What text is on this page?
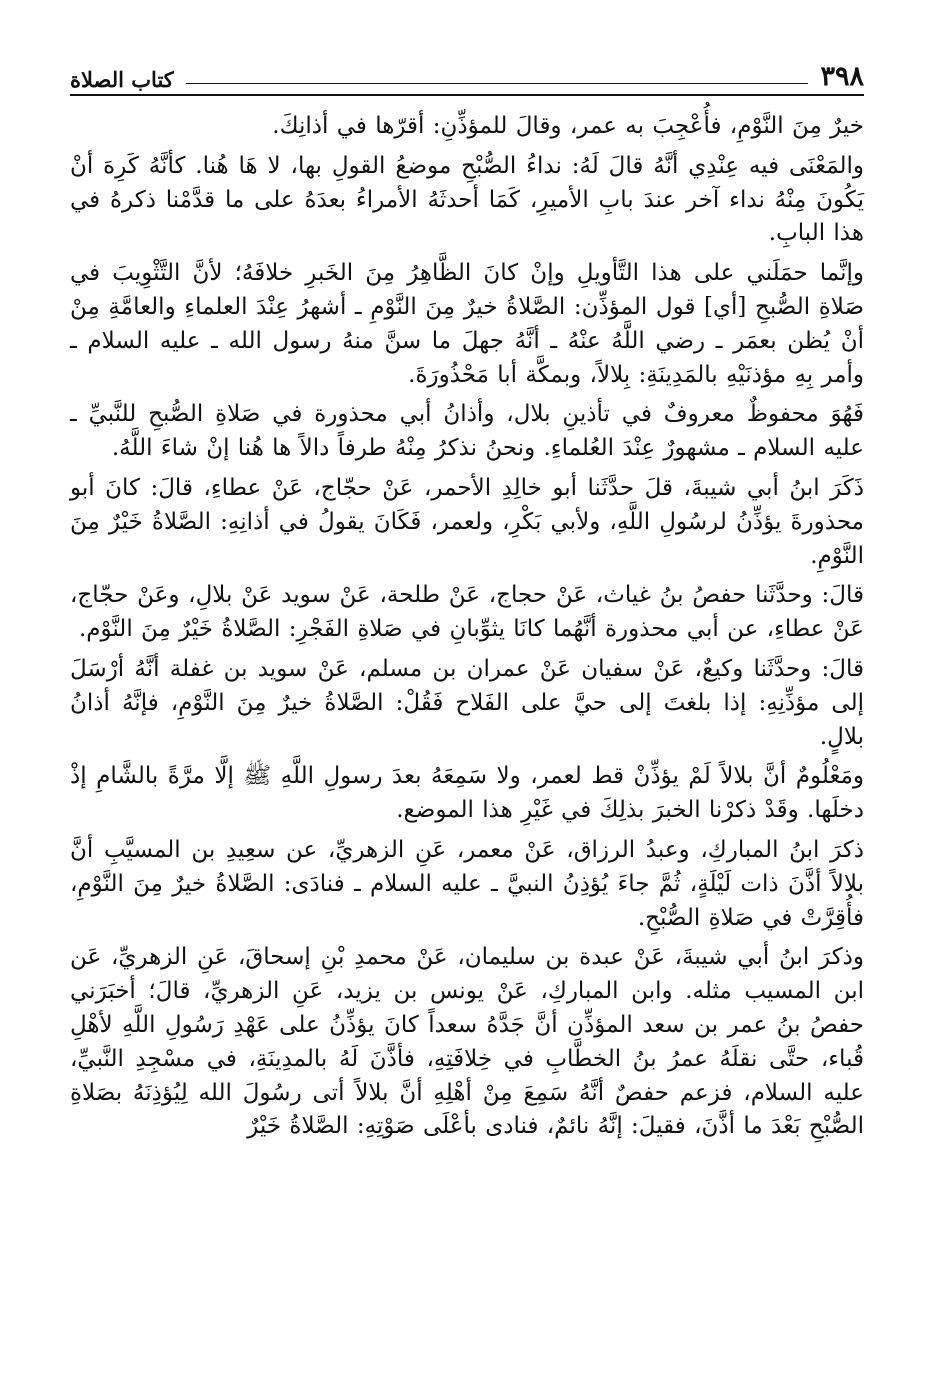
٣٩٨
كتاب الصلاة

خيرٌ مِنَ النَّوْمِ، فأُعْجِبَ به عمر، وقالَ للمؤذِّنِ: أقرّها في أذانِكَ.

والمَعْنَى فيه عِنْدِي أنَّهُ قالَ لَهُ: نداءُ الصُّبْحِ موضعُ القولِ بها، لا هَا هُنا. كأنَّهُ كَرِهَ أنْ يَكُونَ مِنْهُ نداء آخر عندَ بابِ الأميرِ، كَمَا أحدثَهُ الأمراءُ بعدَهُ على ما قدَّمْنا ذكرهُ في هذا البابِ.

وإنَّما حمَلَني على هذا التَّأويلِ وإنْ كانَ الظَّاهِرُ مِنَ الخَبرِ خلافَهُ؛ لأنَّ التَّثْوِيبَ في صَلاةِ الصُّبحِ [أي] قول المؤذِّن: الصَّلاةُ خيرٌ مِنَ النَّوْمِ ـ أشهرُ عِنْدَ العلماءِ والعامَّةِ مِنْ أنْ يُظن بعمَر ـ رضي اللَّهُ عنْهُ ـ أنَّهُ جهلَ ما سنَّ منهُ رسول الله ـ عليه السلام ـ وأمر بِهِ مؤذنَيْهِ بالمَدِينَةِ: بِلالاً، وبمكَّة أبا مَحْذُورَةَ.

فَهُوَ محفوظٌ معروفٌ في تأذينِ بلال، وأذانُ أبي محذورة في صَلاةِ الصُّبحِ للنَّبيِّ ـ عليه السلام ـ مشهورٌ عِنْدَ العُلماءِ. ونحنُ نذكرُ مِنْهُ طرفاً دالاً ها هُنا إنْ شاءَ اللَّهُ.

ذَكَرَ ابنُ أبي شيبةَ، قلَ حدَّثَنا أبو خالِدِ الأحمر، عَنْ حجّاج، عَنْ عطاءِ، قالَ: كانَ أبو محذورةَ يؤذِّنُ لرسُولِ اللَّهِ، ولأبي بَكْرِ، ولعمر، فَكَانَ يقولُ في أذانِهِ: الصَّلاةُ خَيْرٌ مِنَ النَّوْمِ.

قالَ: وحدَّثَنا حفصُ بنُ غياث، عَنْ حجاج، عَنْ طلحة، عَنْ سويد عَنْ بلالِ، وعَنْ حجّاج، عَنْ عطاءِ، عن أبي محذورة أنَّهُما كانَا يثوِّبانِ في صَلاةِ الفَجْرِ: الصَّلاةُ خَيْرٌ مِنَ النَّوْم.

قالَ: وحدَّثَنا وكيعٌ، عَنْ سفيان عَنْ عمران بن مسلم، عَنْ سويد بن غفلة أنَّهُ أرْسَلَ إلى مؤذِّنِهِ: إذا بلغتَ إلى حيَّ على الفَلاح فَقُلْ: الصَّلاةُ خيرٌ مِنَ النَّوْمِ، فإنَّهُ أذانُ بلالٍ.

ومَعْلُومٌ أنَّ بلالاً لَمْ يؤذِّنْ قط لعمر، ولا سَمِعَهُ بعدَ رسولِ اللَّهِ ﷺ إلَّا مرَّةً بالشَّامِ إذْ دخلَها. وقَدْ ذكرْنا الخبرَ بذلِكَ في غَيْرِ هذا الموضع.

ذكرَ ابنُ المباركِ، وعبدُ الرزاق، عَنْ معمر، عَنِ الزهريِّ، عن سعِيدِ بن المسيَّبِ أنَّ بلالاً أذَّنَ ذات لَيْلَةٍ، ثُمَّ جاءَ يُؤذِنُ النبيَّ ـ عليه السلام ـ فنادَى: الصَّلاةُ خيرٌ مِنَ النَّوْمِ، فأُقِرَّتْ في صَلاةِ الصُّبْحِ.

وذكرَ ابنُ أبي شيبةَ، عَنْ عبدة بن سليمان، عَنْ محمدِ بْنِ إسحاقَ، عَنِ الزهريِّ، عَن ابن المسيب مثله. وابن المباركِ، عَنْ يونس بن يزيد، عَنِ الزهريِّ، قالَ؛ أخبَرَني حفصُ بنُ عمر بن سعد المؤذِّن أنَّ جَدَّهُ سعداً كانَ يؤذِّنُ على عَهْدِ رَسُولِ اللَّهِ لأهْلِ قُباء، حتَّى نقلَهُ عمرُ بنُ الخطَّابِ في خِلافَتِهِ، فأذَّنَ لَهُ بالمدِينَةِ، في مسْجِدِ النَّبيِّ، عليه السلام، فزعم حفصٌ أنَّهُ سَمِعَ مِنْ أهْلِهِ أنَّ بلالاً أتى رسُولَ الله لِيُؤذِنَهُ بصَلاةِ الصُّبْحِ بَعْدَ ما أذَّنَ، فقيلَ: إنَّهُ نائمٌ، فنادى بأعْلَى صَوْتِهِ: الصَّلاةُ خَيْرٌ
